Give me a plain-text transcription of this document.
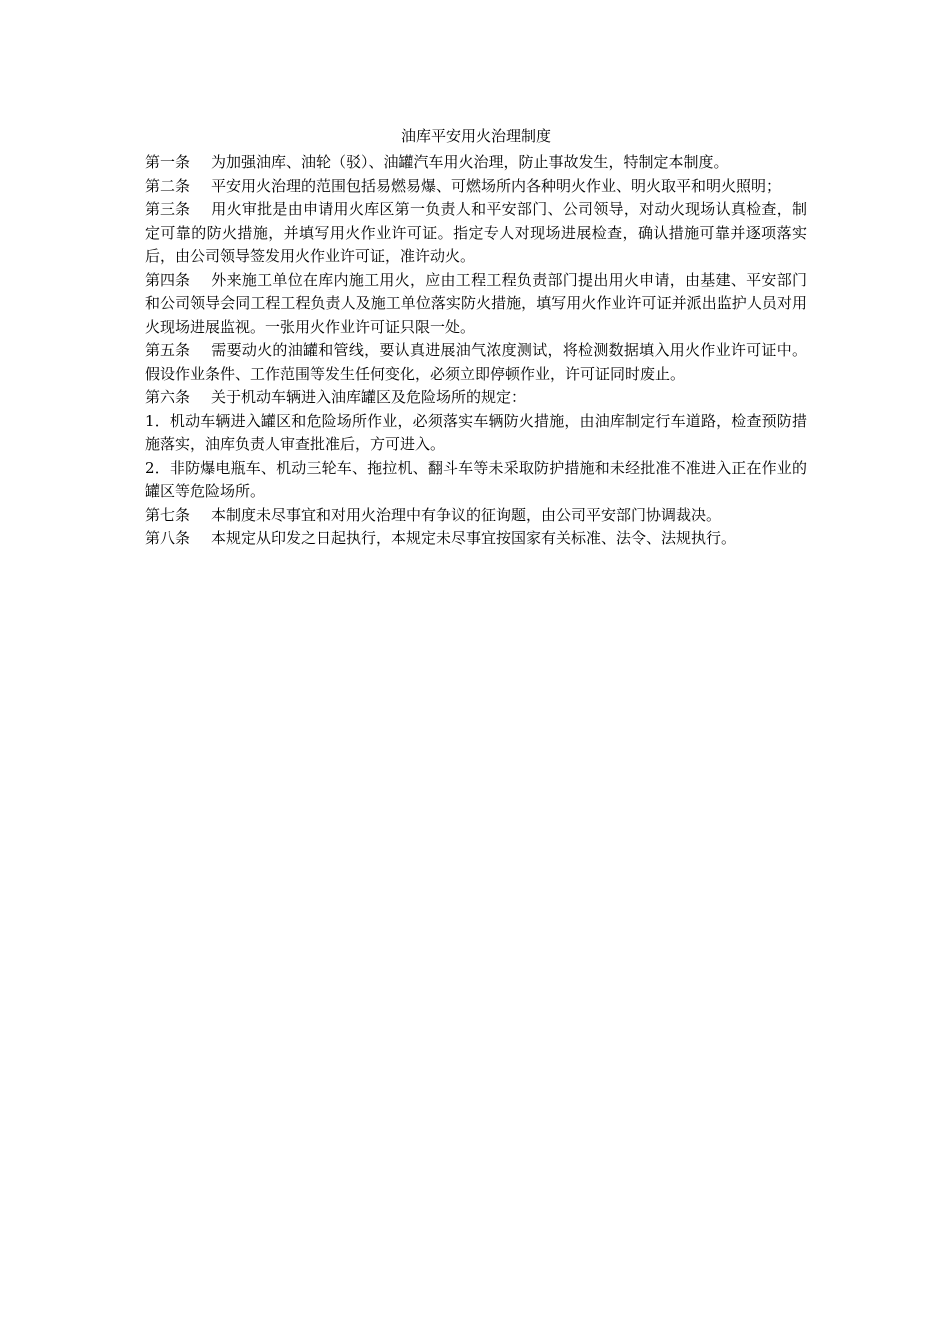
油库平安用火治理制度
第一条 为加强油库、油轮（驳）、油罐汽车用火治理，防止事故发生，特制定本制度。
第二条 平安用火治理的范围包括易燃易爆、可燃场所内各种明火作业、明火取平和明火照明；
第三条 用火审批是由申请用火库区第一负责人和平安部门、公司领导，对动火现场认真检查，制定可靠的防火措施，并填写用火作业许可证。指定专人对现场进展检查，确认措施可靠并逐项落实后，由公司领导签发用火作业许可证，准许动火。
第四条 外来施工单位在库内施工用火，应由工程工程负责部门提出用火申请，由基建、平安部门和公司领导会同工程工程负责人及施工单位落实防火措施，填写用火作业许可证并派出监护人员对用火现场进展监视。一张用火作业许可证只限一处。
第五条 需要动火的油罐和管线，要认真进展油气浓度测试，将检测数据填入用火作业许可证中。假设作业条件、工作范围等发生任何变化，必须立即停顿作业，许可证同时废止。
第六条 关于机动车辆进入油库罐区及危险场所的规定：
1．机动车辆进入罐区和危险场所作业，必须落实车辆防火措施，由油库制定行车道路，检查预防措施落实，油库负责人审查批准后，方可进入。
2．非防爆电瓶车、机动三轮车、拖拉机、翻斗车等未采取防护措施和未经批准不准进入正在作业的罐区等危险场所。
第七条 本制度未尽事宜和对用火治理中有争议的征询题，由公司平安部门协调裁决。
第八条 本规定从印发之日起执行，本规定未尽事宜按国家有关标准、法令、法规执行。
